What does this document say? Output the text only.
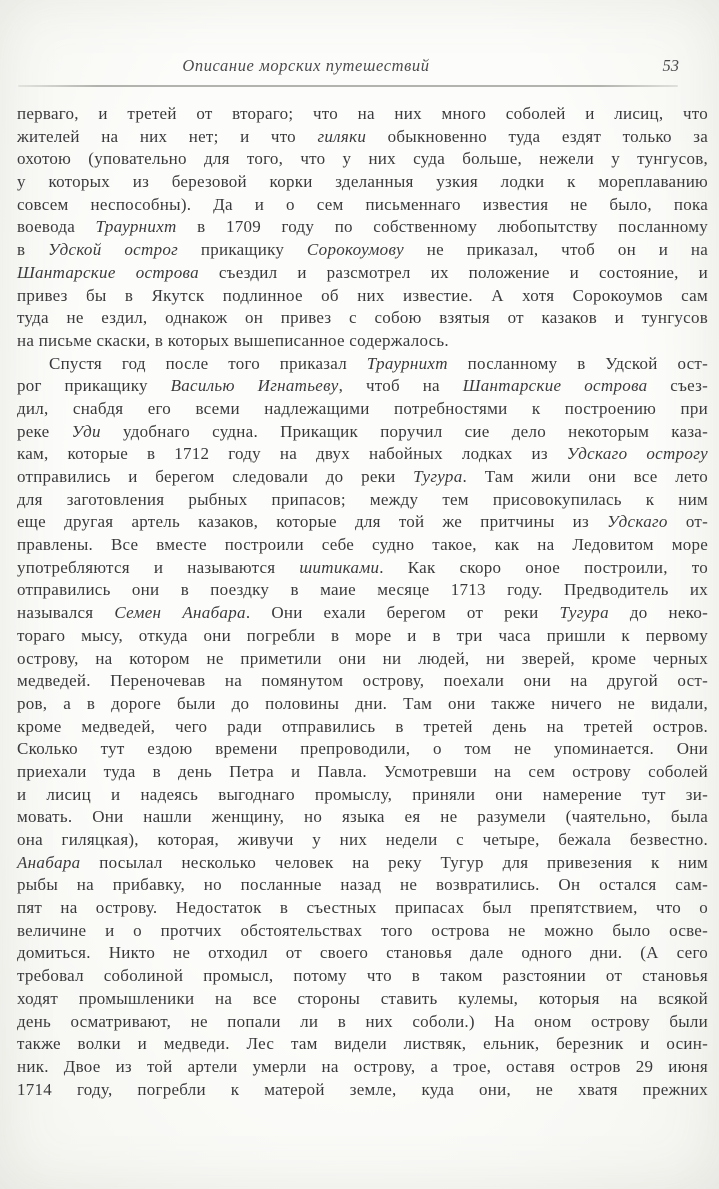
Описание морских путешествий	53
перваго, и третей от втораго; что на них много соболей и лисиц, что
жителей на них нет; и что гиляки обыкновенно туда ездят только за
охотою (уповательно для того, что у них суда больше, нежели у тунгусов,
у которых из березовой корки зделанныя узкия лодки к мореплаванию
совсем неспособны). Да и о сем письменнаго известия не было, пока
воевода Траурнихт в 1709 году по собственному любопытству посланному
в Удской острог прикащику Сорокоумову не приказал, чтоб он и на
Шантарские острова съездил и разсмотрел их положение и состояние, и
привез бы в Якутск подлинное об них известие. А хотя Сорокоумов сам
туда не ездил, однакож он привез с собою взятыя от казаков и тунгусов
на письме скаски, в которых вышеписанное содержалось.
Спустя год после того приказал Траурнихт посланному в Удской ост-
рог прикащику Василью Игнатьеву, чтоб на Шантарские острова съез-
дил, снабдя его всеми надлежащими потребностями к построению при
реке Уди удобнаго судна. Прикащик поручил сие дело некоторым каза-
кам, которые в 1712 году на двух набойных лодках из Удскаго острогу
отправились и берегом следовали до реки Тугура. Там жили они все лето
для заготовления рыбных припасов; между тем присовокупилась к ним
еще другая артель казаков, которые для той же притчины из Удскаго от-
правлены. Все вместе построили себе судно такое, как на Ледовитом море
употребляются и называются шитиками. Как скоро оное построили, то
отправились они в поездку в маие месяце 1713 году. Предводитель их
назывался Семен Анабара. Они ехали берегом от реки Тугура до неко-
тораго мысу, откуда они погребли в море и в три часа пришли к первому
острову, на котором не приметили они ни людей, ни зверей, кроме черных
медведей. Переночевав на помянутом острову, поехали они на другой ост-
ров, а в дороге были до половины дни. Там они также ничего не видали,
кроме медведей, чего ради отправились в третей день на третей остров.
Сколько тут ездою времени препроводили, о том не упоминается. Они
приехали туда в день Петра и Павла. Усмотревши на сем острову соболей
и лисиц и надеясь выгоднаго промыслу, приняли они намерение тут зи-
мовать. Они нашли женщину, но языка ея не разумели (чаятельно, была
она гиляцкая), которая, живучи у них недели с четыре, бежала безвестно.
Анабара посылал несколько человек на реку Тугур для привезения к ним
рыбы на прибавку, но посланные назад не возвратились. Он остался сам-
пят на острову. Недостаток в съестных припасах был препятствием, что о
величине и о протчих обстоятельствах того острова не можно было осве-
домиться. Никто не отходил от своего становья дале одного дни. (А сего
требовал соболиной промысл, потому что в таком разстоянии от становья
ходят промышленики на все стороны ставить кулемы, которыя на всякой
день осматривают, не попали ли в них соболи.) На оном острову были
также волки и медведи. Лес там видели листвяк, ельник, березник и осин-
ник. Двое из той артели умерли на острову, а трое, оставя остров 29 июня
1714 году, погребли к матерой земле, куда они, не хватя прежних
